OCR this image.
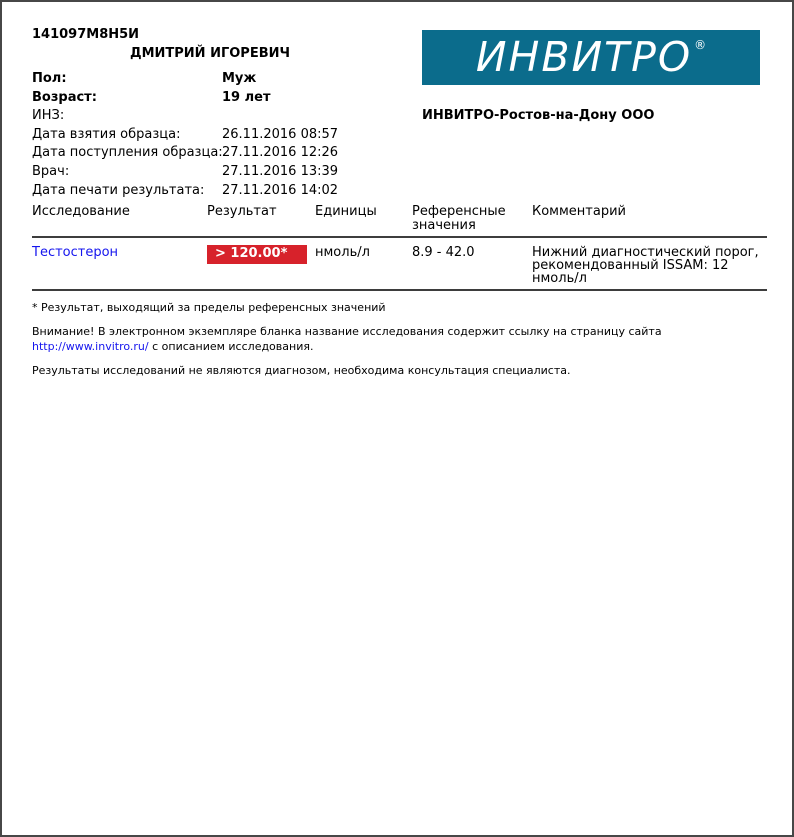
ИНВИТРО ®
ИНВИТРО-Ростов-на-Дону ООО
141097М8Н5И
ДМИТРИЙ ИГОРЕВИЧ
Пол:	Муж
Возраст:	19 лет
ИНЗ:
Дата взятия образца:	26.11.2016 08:57
Дата поступления образца: 27.11.2016 12:26
Врач:	27.11.2016 13:39
Дата печати результата:	27.11.2016 14:02
Исследование	Результат	Единицы	Референсные значения	Комментарий
Тестостерон	> 120.00*	нмоль/л	8.9 - 42.0	Нижний диагностический порог,
рекомендованный ISSAM: 12 нмоль/л
* Результат, выходящий за пределы референсных значений
Внимание! В электронном экземпляре бланка название исследования содержит ссылку на страницу сайта http://www.invitro.ru/ с описанием исследования.
Результаты исследований не являются диагнозом, необходима консультация специалиста.
